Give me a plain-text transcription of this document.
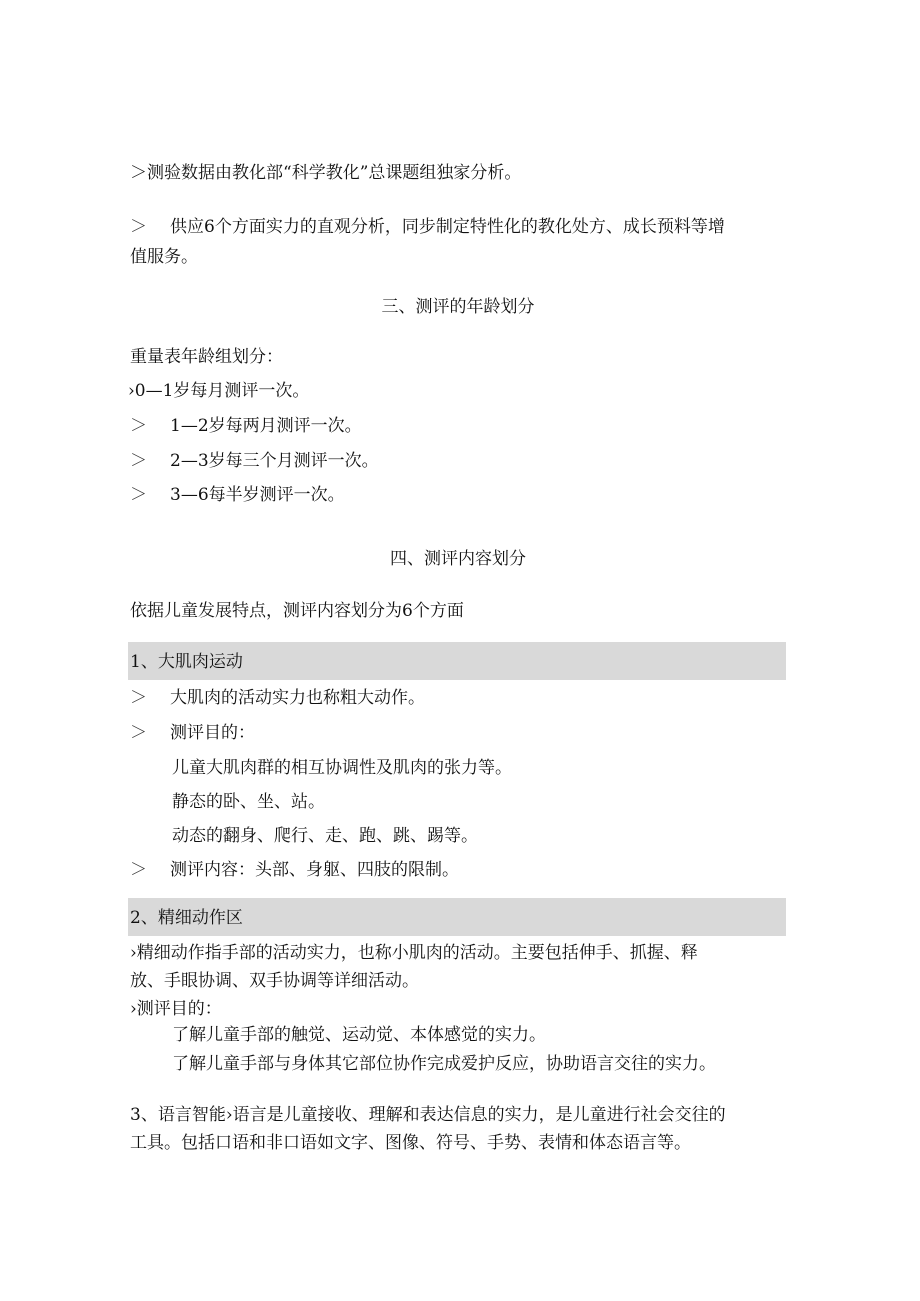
＞测验数据由教化部“科学教化”总课题组独家分析。
＞ 供应6个方面实力的直观分析，同步制定特性化的教化处方、成长预料等增
值服务。
三、测评的年龄划分
重量表年龄组划分：
›0—1岁每月测评一次。
＞ 1—2岁每两月测评一次。
＞ 2—3岁每三个月测评一次。
＞ 3—6每半岁测评一次。
四、测评内容划分
依据儿童发展特点，测评内容划分为6个方面
1、大肌肉运动
＞ 大肌肉的活动实力也称粗大动作。
＞ 测评目的：
儿童大肌肉群的相互协调性及肌肉的张力等。
静态的卧、坐、站。
动态的翻身、爬行、走、跑、跳、踢等。
＞ 测评内容：头部、身躯、四肢的限制。
2、精细动作区
›精细动作指手部的活动实力，也称小肌肉的活动。主要包括伸手、抓握、释
放、手眼协调、双手协调等详细活动。
›测评目的：
了解儿童手部的触觉、运动觉、本体感觉的实力。
了解儿童手部与身体其它部位协作完成爱护反应，协助语言交往的实力。
3、语言智能›语言是儿童接收、理解和表达信息的实力，是儿童进行社会交往的
工具。包括口语和非口语如文字、图像、符号、手势、表情和体态语言等。
